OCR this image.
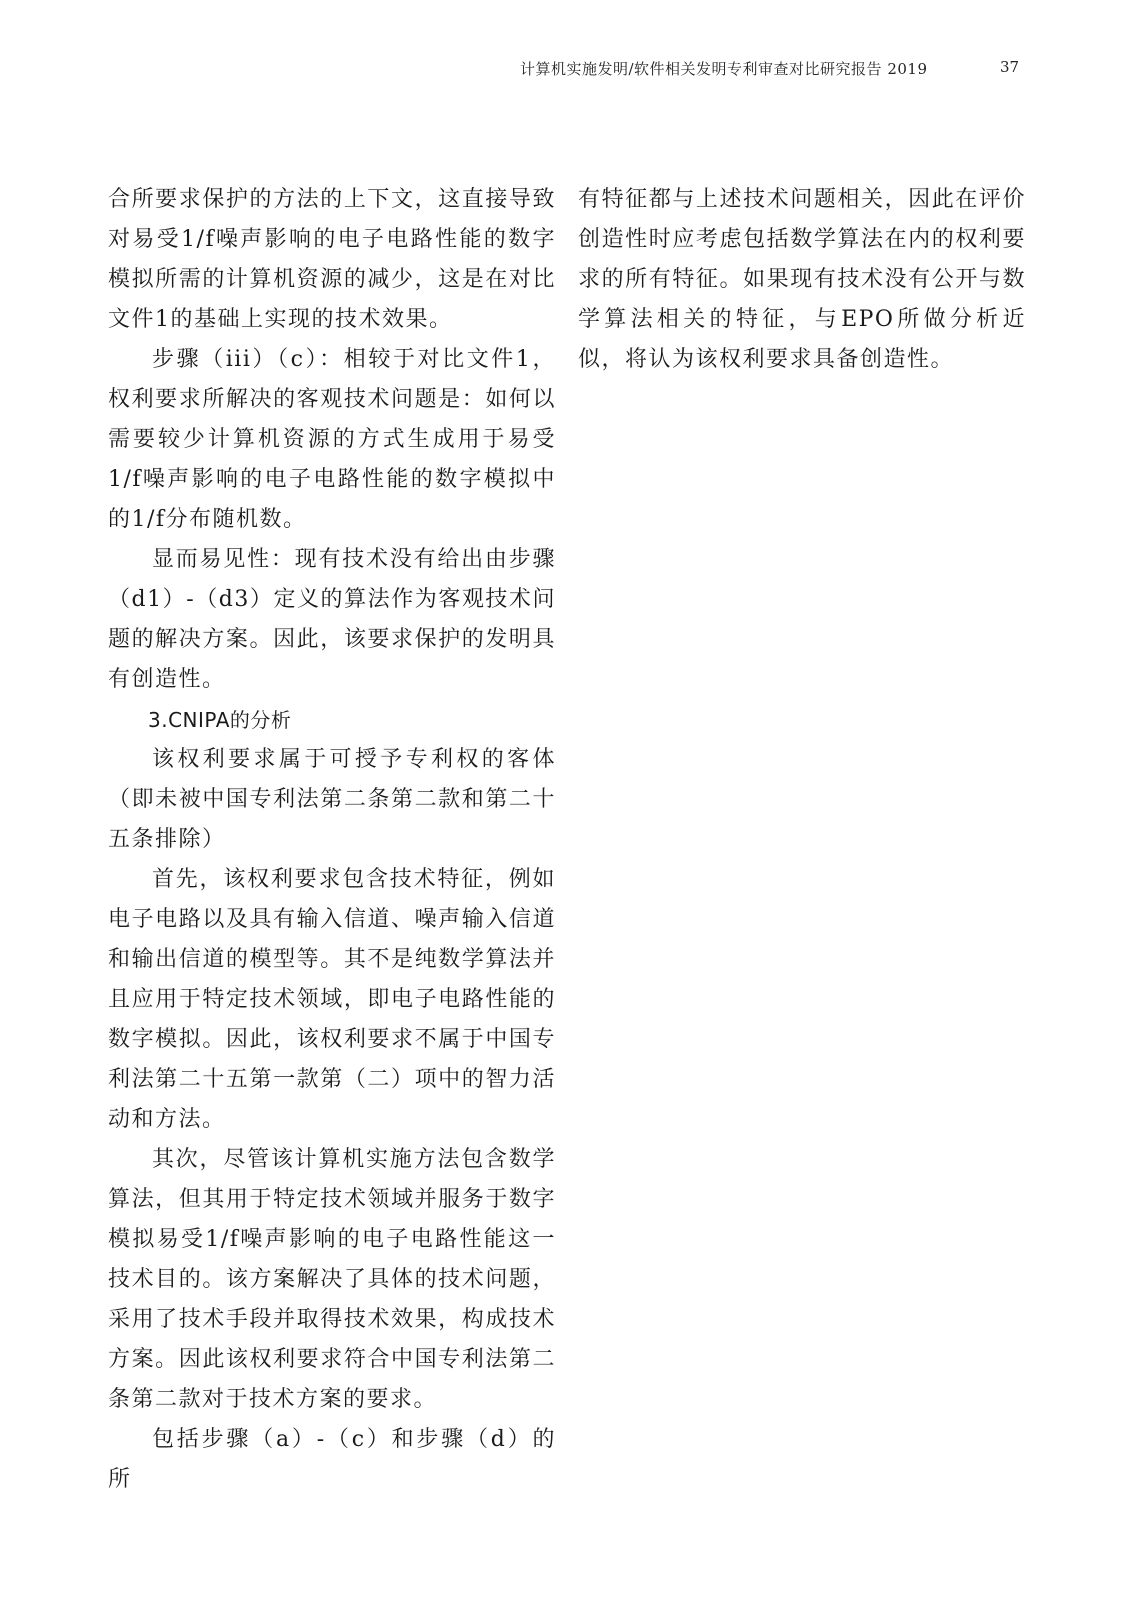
计算机实施发明/软件相关发明专利审查对比研究报告 2019	37

合所要求保护的方法的上下文，这直接导致对易受1/f噪声影响的电子电路性能的数字模拟所需的计算机资源的减少，这是在对比文件1的基础上实现的技术效果。

步骤（iii）（c）：相较于对比文件1，权利要求所解决的客观技术问题是：如何以需要较少计算机资源的方式生成用于易受1/f噪声影响的电子电路性能的数字模拟中的1/f分布随机数。

显而易见性：现有技术没有给出由步骤（d1）-（d3）定义的算法作为客观技术问题的解决方案。因此，该要求保护的发明具有创造性。

3.CNIPA的分析

该权利要求属于可授予专利权的客体（即未被中国专利法第二条第二款和第二十五条排除）

首先，该权利要求包含技术特征，例如电子电路以及具有输入信道、噪声输入信道和输出信道的模型等。其不是纯数学算法并且应用于特定技术领域，即电子电路性能的数字模拟。因此，该权利要求不属于中国专利法第二十五第一款第（二）项中的智力活动和方法。

其次，尽管该计算机实施方法包含数学算法，但其用于特定技术领域并服务于数字模拟易受1/f噪声影响的电子电路性能这一技术目的。该方案解决了具体的技术问题，采用了技术手段并取得技术效果，构成技术方案。因此该权利要求符合中国专利法第二条第二款对于技术方案的要求。

包括步骤（a）-（c）和步骤（d）的所

有特征都与上述技术问题相关，因此在评价创造性时应考虑包括数学算法在内的权利要求的所有特征。如果现有技术没有公开与数学算法相关的特征，与EPO所做分析近似，将认为该权利要求具备创造性。
